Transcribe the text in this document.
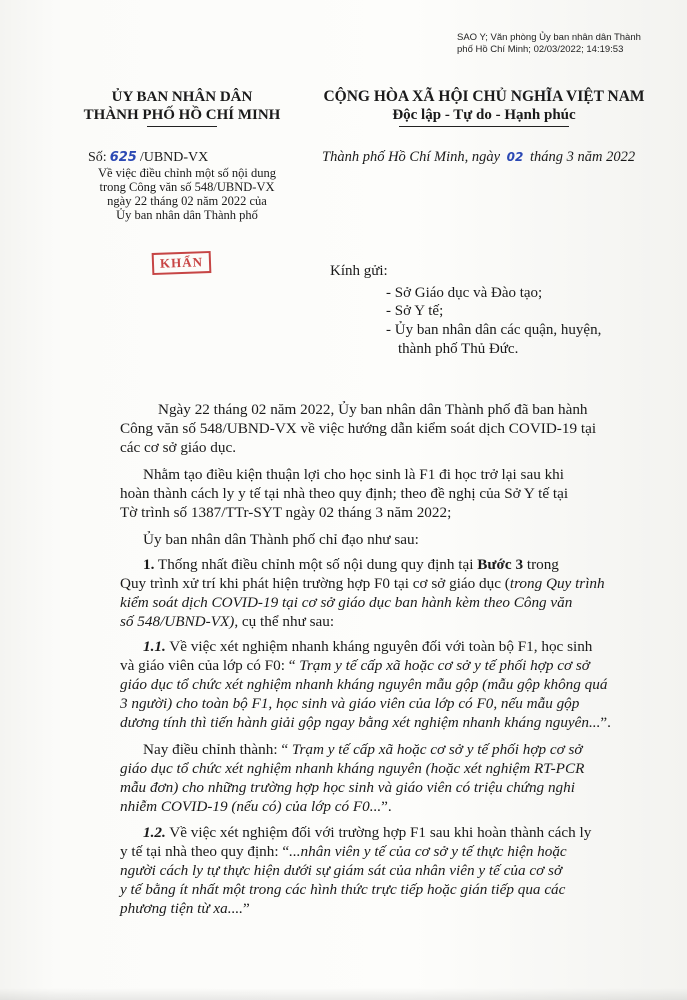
SAO Y; Văn phòng Ủy ban nhân dân Thành
phố Hồ Chí Minh; 02/03/2022; 14:19:53
ỦY BAN NHÂN DÂN
THÀNH PHỐ HỒ CHÍ MINH
CỘNG HÒA XÃ HỘI CHỦ NGHĨA VIỆT NAM
Độc lập - Tự do - Hạnh phúc
Số: 625 /UBND-VX
Về việc điều chỉnh một số nội dung
trong Công văn số 548/UBND-VX
ngày 22 tháng 02 năm 2022 của
Ủy ban nhân dân Thành phố
Thành phố Hồ Chí Minh, ngày 02 tháng 3 năm 2022
KHẨN
Kính gửi:
- Sở Giáo dục và Đào tạo;
- Sở Y tế;
- Ủy ban nhân dân các quận, huyện,
thành phố Thủ Đức.
Ngày 22 tháng 02 năm 2022, Ủy ban nhân dân Thành phố đã ban hành
Công văn số 548/UBND-VX về việc hướng dẫn kiểm soát dịch COVID-19 tại
các cơ sở giáo dục.
Nhằm tạo điều kiện thuận lợi cho học sinh là F1 đi học trở lại sau khi
hoàn thành cách ly y tế tại nhà theo quy định; theo đề nghị của Sở Y tế tại
Tờ trình số 1387/TTr-SYT ngày 02 tháng 3 năm 2022;
Ủy ban nhân dân Thành phố chỉ đạo như sau:
1. Thống nhất điều chỉnh một số nội dung quy định tại Bước 3 trong
Quy trình xử trí khi phát hiện trường hợp F0 tại cơ sở giáo dục (trong Quy trình
kiểm soát dịch COVID-19 tại cơ sở giáo dục ban hành kèm theo Công văn
số 548/UBND-VX), cụ thể như sau:
1.1. Về việc xét nghiệm nhanh kháng nguyên đối với toàn bộ F1, học sinh
và giáo viên của lớp có F0: “ Trạm y tế cấp xã hoặc cơ sở y tế phối hợp cơ sở
giáo dục tổ chức xét nghiệm nhanh kháng nguyên mẫu gộp (mẫu gộp không quá
3 người) cho toàn bộ F1, học sinh và giáo viên của lớp có F0, nếu mẫu gộp
dương tính thì tiến hành giải gộp ngay bằng xét nghiệm nhanh kháng nguyên...”.
Nay điều chỉnh thành: “ Trạm y tế cấp xã hoặc cơ sở y tế phối hợp cơ sở
giáo dục tổ chức xét nghiệm nhanh kháng nguyên (hoặc xét nghiệm RT-PCR
mẫu đơn) cho những trường hợp học sinh và giáo viên có triệu chứng nghi
nhiễm COVID-19 (nếu có) của lớp có F0...”.
1.2. Về việc xét nghiệm đối với trường hợp F1 sau khi hoàn thành cách ly
y tế tại nhà theo quy định: “...nhân viên y tế của cơ sở y tế thực hiện hoặc
người cách ly tự thực hiện dưới sự giám sát của nhân viên y tế của cơ sở
y tế bằng ít nhất một trong các hình thức trực tiếp hoặc gián tiếp qua các
phương tiện từ xa....”
